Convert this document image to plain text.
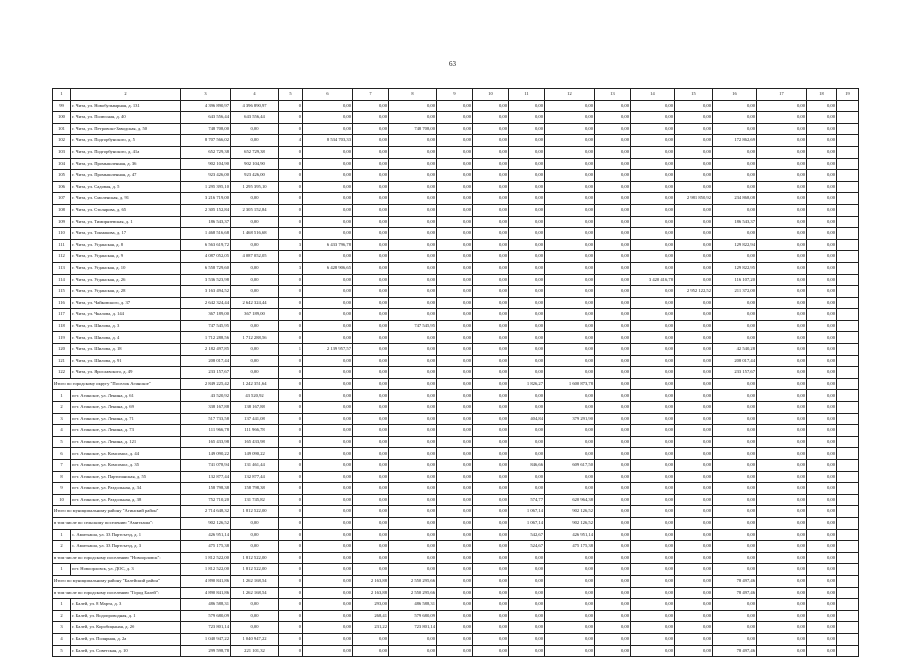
63
1	2	3	4	5	6	7	8	9	10	11	12	13	14	15	16	17	18	19
99	г. Чита, ул. Новобульварная, д. 131	4 396 890,97	4 396 890,97	0	0,00	0,00	0,00	0,00	0,00	0,00	0,00	0,00	0,00	0,00	0,00	0,00	0,00	
100	г. Чита, ул. Полюсная, д. 40	643 556,44	643 556,44	0	0,00	0,00	0,00	0,00	0,00	0,00	0,00	0,00	0,00	0,00	0,00	0,00	0,00	
101	г. Чита, ул. Петровско-Заводская, д. 50	748 708,00	0,00	0	0,00	0,00	748 708,00	0,00	0,00	0,00	0,00	0,00	0,00	0,00	0,00	0,00	0,00	
102	г. Чита, ул. Подгорбунского, д. 5	8 707 566,02	0,00	4	8 534 703,33	0,00	0,00	0,00	0,00	0,00	0,00	0,00	0,00	0,00	172 862,69	0,00	0,00	
103	г. Чита, ул. Подгорбунского, д. 41а	652 729,38	652 729,38	0	0,00	0,00	0,00	0,00	0,00	0,00	0,00	0,00	0,00	0,00	0,00	0,00	0,00	
104	г. Чита, ул. Промышленная, д. 36	902 104,90	902 104,90	0	0,00	0,00	0,00	0,00	0,00	0,00	0,00	0,00	0,00	0,00	0,00	0,00	0,00	
105	г. Чита, ул. Промышленная, д. 47	923 426,00	923 426,00	0	0,00	0,00	0,00	0,00	0,00	0,00	0,00	0,00	0,00	0,00	0,00	0,00	0,00	
106	г. Чита, ул. Садовая, д. 5	1 295 395,10	1 295 395,10	0	0,00	0,00	0,00	0,00	0,00	0,00	0,00	0,00	0,00	0,00	0,00	0,00	0,00	
107	г. Чита, ул. Смоленская, д. 91	3 216 719,00	0,00	0	0,00	0,00	0,00	0,00	0,00	0,00	0,00	0,00	0,00	2 981 850,92	234 868,08	0,00	0,00	
108	г. Чита, ул. Столярова, д. 65	2 305 152,84	2 305 152,84	0	0,00	0,00	0,00	0,00	0,00	0,00	0,00	0,00	0,00	0,00	0,00	0,00	0,00	
109	г. Чита, ул. Тимирязевская, д. 1	186 543,37	0,00	0	0,00	0,00	0,00	0,00	0,00	0,00	0,00	0,00	0,00	0,00	186 543,37	0,00	0,00	
110	г. Чита, ул. Токмакова, д. 17	1 468 516,68	1 468 516,68	0	0,00	0,00	0,00	0,00	0,00	0,00	0,00	0,00	0,00	0,00	0,00	0,00	0,00	
111	г. Чита, ул. Угданская, д. 8	6 563 619,72	0,00	3	6 433 796,78	0,00	0,00	0,00	0,00	0,00	0,00	0,00	0,00	0,00	129 822,94	0,00	0,00	
112	г. Чита, ул. Угданская, д. 9	4 087 052,05	4 087 052,05	0	0,00	0,00	0,00	0,00	0,00	0,00	0,00	0,00	0,00	0,00	0,00	0,00	0,00	
113	г. Чита, ул. Угданская, д. 10	6 558 729,60	0,00	3	6 428 906,65	0,00	0,00	0,00	0,00	0,00	0,00	0,00	0,00	0,00	129 822,95	0,00	0,00	
114	г. Чита, ул. Угданская, д. 26	3 536 523,98	0,00	0	0,00	0,00	0,00	0,00	0,00	0,00	0,00	0,00	3 420 416,78	0,00	116 107,20	0,00	0,00	
115	г. Чита, ул. Угданская, д. 28	3 163 494,52	0,00	0	0,00	0,00	0,00	0,00	0,00	0,00	0,00	0,00	0,00	2 952 122,52	211 372,00	0,00	0,00	
116	г. Чита, ул. Чайковского, д. 37	2 642 324,44	2 642 324,44	0	0,00	0,00	0,00	0,00	0,00	0,00	0,00	0,00	0,00	0,00	0,00	0,00	0,00	
117	г. Чита, ул. Чкалова, д. 144	367 189,00	367 189,00	0	0,00	0,00	0,00	0,00	0,00	0,00	0,00	0,00	0,00	0,00	0,00	0,00	0,00	
118	г. Чита, ул. Шилова, д. 3	747 545,95	0,00	0	0,00	0,00	747 545,95	0,00	0,00	0,00	0,00	0,00	0,00	0,00	0,00	0,00	0,00	
119	г. Чита, ул. Шилова, д. 4	1 712 288,56	1 712 288,56	0	0,00	0,00	0,00	0,00	0,00	0,00	0,00	0,00	0,00	0,00	0,00	0,00	0,00	
120	г. Чита, ул. Шилова, д. 18	2 182 497,85	0,00	1	2 139 957,57	0,00	0,00	0,00	0,00	0,00	0,00	0,00	0,00	0,00	42 540,28	0,00	0,00	
121	г. Чита, ул. Шилова, д. 91	208 017,44	0,00	0	0,00	0,00	0,00	0,00	0,00	0,00	0,00	0,00	0,00	0,00	208 017,44	0,00	0,00	
122	г. Чита, ул. Ярославского, д. 49	233 157,67	0,00	0	0,00	0,00	0,00	0,00	0,00	0,00	0,00	0,00	0,00	0,00	233 157,67	0,00	0,00	
Итого по городскому округу "Поселок Агинское"		2 849 225,42	1 242 351,64	0	0,00	0,00	0,00	0,00	0,00	1 826,27	1 600 873,78	0,00	0,00	0,00	0,00	0,00	0,00	
1	пгт. Агинское, ул. Ленина, д. 61	43 520,92	43 520,92	0	0,00	0,00	0,00	0,00	0,00	0,00	0,00	0,00	0,00	0,00	0,00	0,00	0,00	
2	пгт. Агинское, ул. Ленина, д. 69	338 167,88	138 167,88	0	0,00	0,00	0,00	0,00	0,00	0,00	0,00	0,00	0,00	0,00	0,00	0,00	0,00	
3	пгт. Агинское, ул. Ленина, д. 71	517 733,58	137 441,08	0	0,00	0,00	0,00	0,00	0,00	404,84	379 291,90	0,00	0,00	0,00	0,00	0,00	0,00	
4	пгт. Агинское, ул. Ленина, д. 73	111 966,78	111 966,78	0	0,00	0,00	0,00	0,00	0,00	0,00	0,00	0,00	0,00	0,00	0,00	0,00	0,00	
5	пгт. Агинское, ул. Ленина, д. 121	165 433,98	165 433,98	0	0,00	0,00	0,00	0,00	0,00	0,00	0,00	0,00	0,00	0,00	0,00	0,00	0,00	
6	пгт. Агинское, ул. Комсомол, д. 44	149 090,22	149 090,22	0	0,00	0,00	0,00	0,00	0,00	0,00	0,00	0,00	0,00	0,00	0,00	0,00	0,00	
7	пгт. Агинское, ул. Комсомол, д. 35	741 078,94	131 461,44	0	0,00	0,00	0,00	0,00	0,00	846,66	609 617,50	0,00	0,00	0,00	0,00	0,00	0,00	
8	пгт. Агинское, ул. Партизанская, д. 55	132 877,44	132 877,44	0	0,00	0,00	0,00	0,00	0,00	0,00	0,00	0,00	0,00	0,00	0,00	0,00	0,00	
9	пгт. Агинское, ул. Раздольная, д. 34	158 798,38	158 798,38	0	0,00	0,00	0,00	0,00	0,00	0,00	0,00	0,00	0,00	0,00	0,00	0,00	0,00	
10	пгт. Агинское, ул. Раздольная, д. 38	752 710,20	131 745,82	0	0,00	0,00	0,00	0,00	0,00	574,77	620 964,38	0,00	0,00	0,00	0,00	0,00	0,00	
Итого по муниципальному району "Агинский район"		2 714 648,32	1 812 522,00	0	0,00	0,00	0,00	0,00	0,00	1 067,14	902 126,52	0,00	0,00	0,00	0,00	0,00	0,00	
в том числе по сельскому поселению "Амитхаша":		902 126,52	0,00	0	0,00	0,00	0,00	0,00	0,00	1 067,14	902 126,52	0,00	0,00	0,00	0,00	0,00	0,00	
1	с. Амитхаша, ул. 33 Партсъезд, д. 1	426 951,14	0,00	0	0,00	0,00	0,00	0,00	0,00	542,67	426 951,14	0,00	0,00	0,00	0,00	0,00	0,00	
2	с. Амитхаша, ул. 33 Партсъезд, д. 3	475 175,38	0,00	0	0,00	0,00	0,00	0,00	0,00	524,67	475 175,38	0,00	0,00	0,00	0,00	0,00	0,00	
в том числе по городскому поселению "Новоорловск":		1 812 522,00	1 812 522,00	0	0,00	0,00	0,00	0,00	0,00	0,00	0,00	0,00	0,00	0,00	0,00	0,00	0,00	
1	пгт. Новоорловск, ул. ДОС, д. 3	1 812 522,00	1 812 522,00	0	0,00	0,00	0,00	0,00	0,00	0,00	0,00	0,00	0,00	0,00	0,00	0,00	0,00	
Итого по муниципальному району "Балейский район"		4 890 841,86	1 262 168,54	0	0,00	2 163,88	2 550 295,66	0,00	0,00	0,00	0,00	0,00	0,00	0,00	78 497,46	0,00	0,00	
в том числе по городскому поселению "Город Балей":		4 890 841,86	1 262 168,54	0	0,00	2 163,88	2 550 295,66	0,00	0,00	0,00	0,00	0,00	0,00	0,00	78 497,46	0,00	0,00	
1	г. Балей, ул. 8 Марта, д. 3	486 588,31	0,00	0	0,00	293,00	486 588,31	0,00	0,00	0,00	0,00	0,00	0,00	0,00	0,00	0,00	0,00	
2	г. Балей, ул. Водопроводная, д. 1	579 680,09	0,00	0	0,00	268,41	579 680,09	0,00	0,00	0,00	0,00	0,00	0,00	0,00	0,00	0,00	0,00	
3	г. Балей, ул. Коробицыная, д. 2б	723 801,14	0,00	0	0,00	231,22	723 801,14	0,00	0,00	0,00	0,00	0,00	0,00	0,00	0,00	0,00	0,00	
4	г. Балей, ул. Полярная, д. 2а	1 040 947,22	1 040 947,22	0	0,00	0,00	0,00	0,00	0,00	0,00	0,00	0,00	0,00	0,00	0,00	0,00	0,00	
5	г. Балей, ул. Советская, д. 10	299 598,78	221 101,32	0	0,00	0,00	0,00	0,00	0,00	0,00	0,00	0,00	0,00	0,00	78 497,46	0,00	0,00	
